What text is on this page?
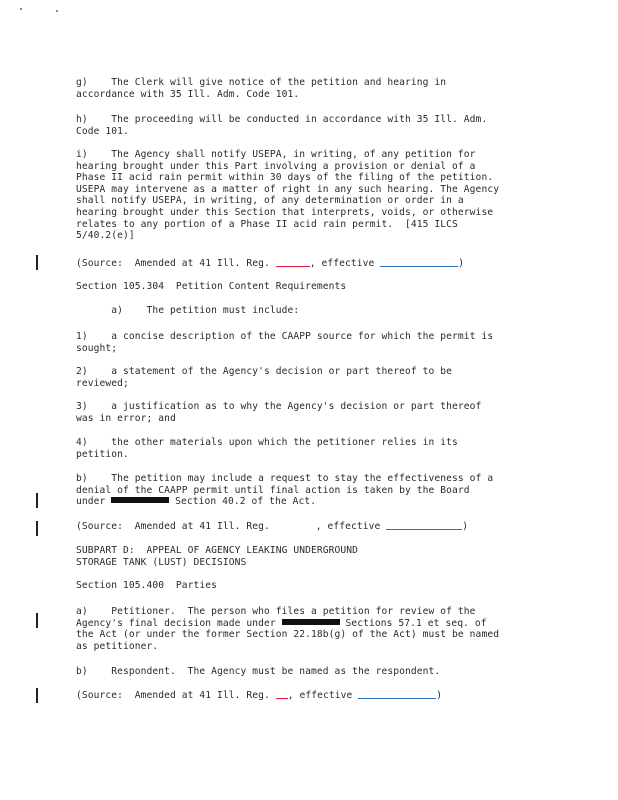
g)    The Clerk will give notice of the petition and hearing in
accordance with 35 Ill. Adm. Code 101.
h)    The proceeding will be conducted in accordance with 35 Ill. Adm.
Code 101.
i)    The Agency shall notify USEPA, in writing, of any petition for
hearing brought under this Part involving a provision or denial of a
Phase II acid rain permit within 30 days of the filing of the petition.
USEPA may intervene as a matter of right in any such hearing. The Agency
shall notify USEPA, in writing, of any determination or order in a
hearing brought under this Section that interprets, voids, or otherwise
relates to any portion of a Phase II acid rain permit.  [415 ILCS
5/40.2(e)]
(Source:  Amended at 41 Ill. Reg.	, effective	)
Section 105.304  Petition Content Requirements
a)    The petition must include:
1)    a concise description of the CAAPP source for which the permit is
sought;
2)    a statement of the Agency's decision or part thereof to be
reviewed;
3)    a justification as to why the Agency's decision or part thereof
was in error; and
4)    the other materials upon which the petitioner relies in its
petition.
b)    The petition may include a request to stay the effectiveness of a
denial of the CAAPP permit until final action is taken by the Board
under	Section 40.2 of the Act.
(Source:  Amended at 41 Ill. Reg.	, effective	)
SUBPART D:  APPEAL OF AGENCY LEAKING UNDERGROUND
STORAGE TANK (LUST) DECISIONS
Section 105.400  Parties
a)    Petitioner.  The person who files a petition for review of the
Agency's final decision made under	Sections 57.1 et seq. of
the Act (or under the former Section 22.18b(g) of the Act) must be named
as petitioner.
b)    Respondent.  The Agency must be named as the respondent.
(Source:  Amended at 41 Ill. Reg. , effective	)
